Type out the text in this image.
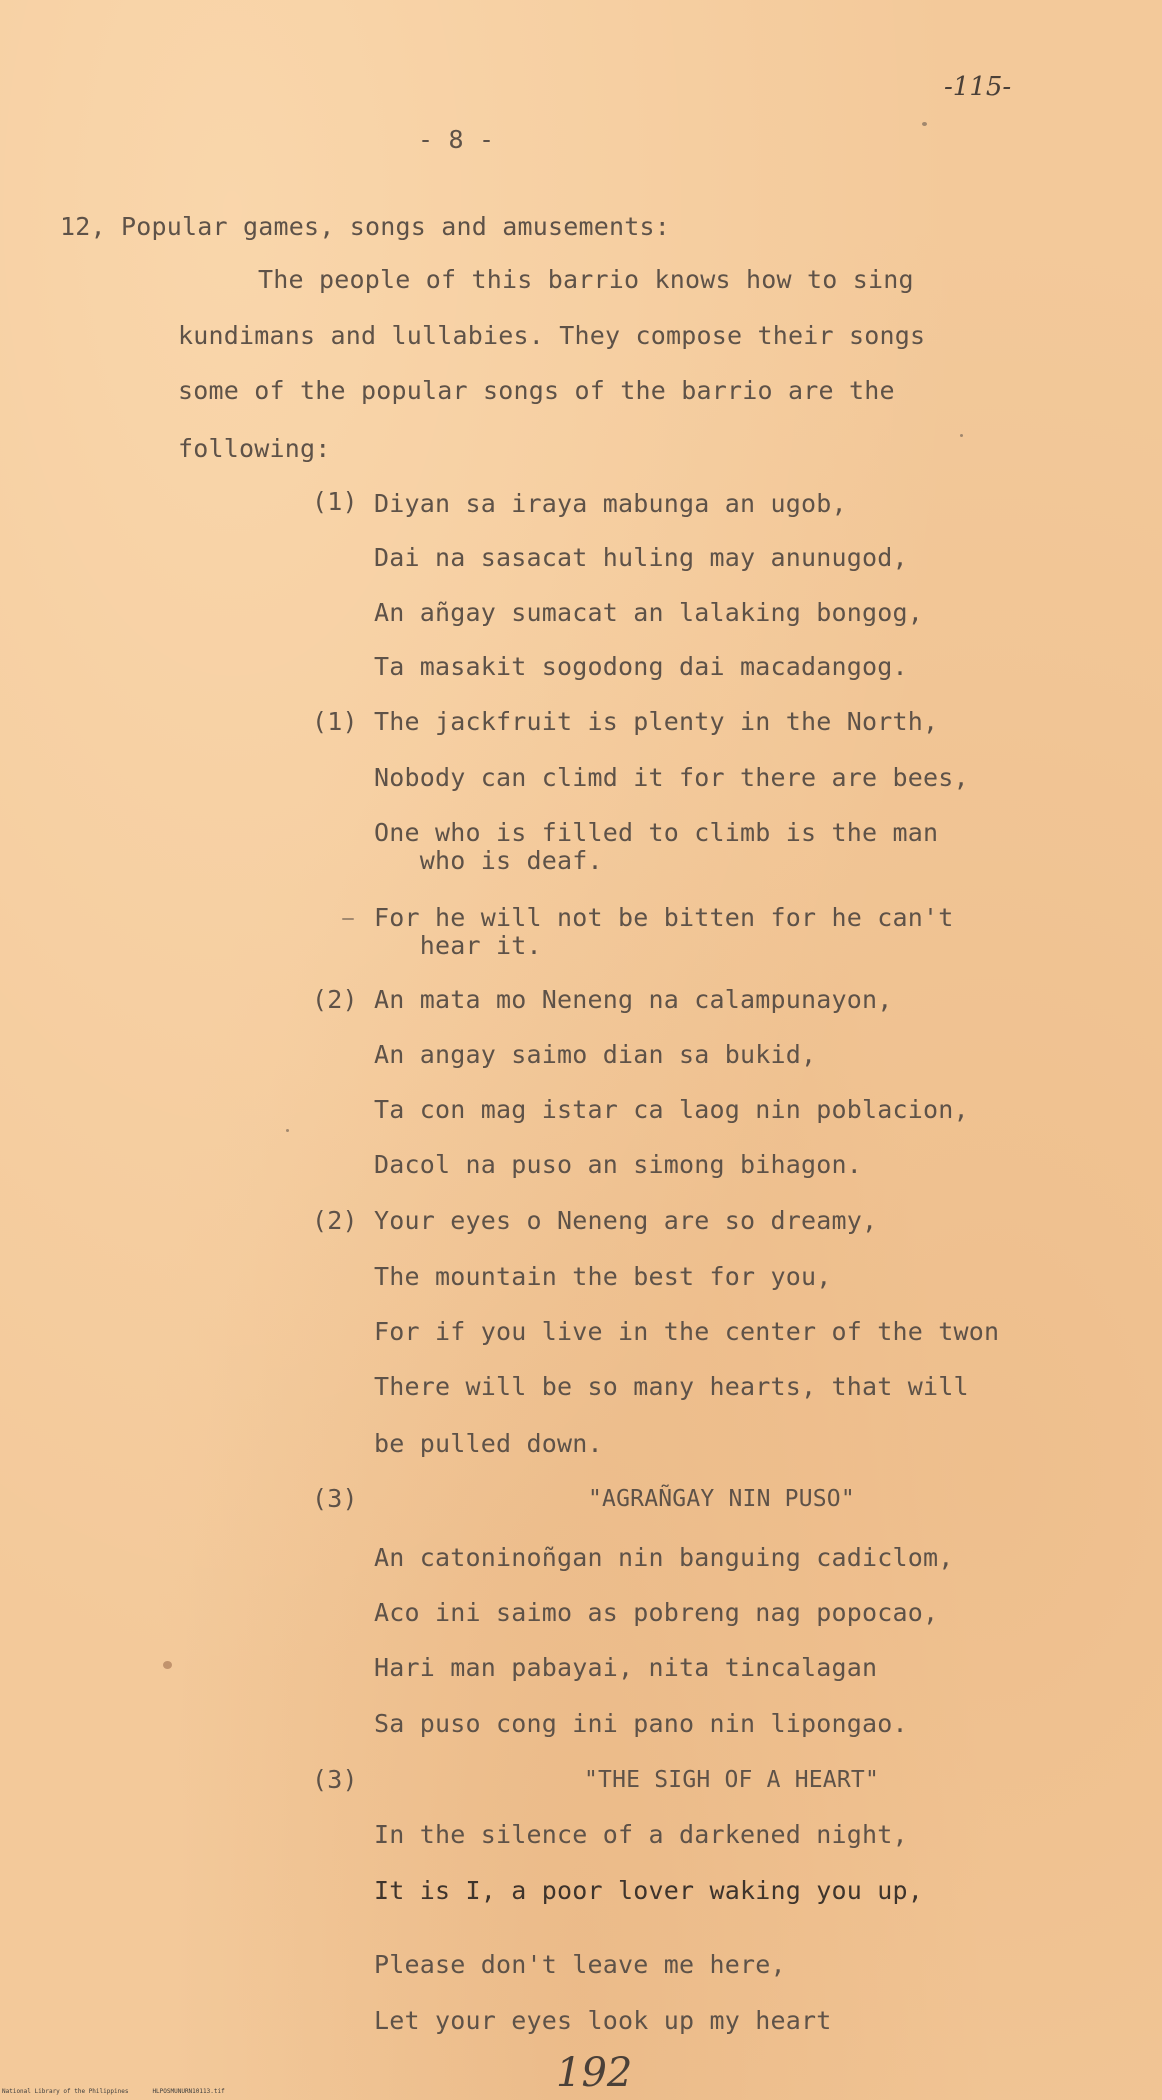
-115-
- 8 -
12, Popular games, songs and amusements:
The people of this barrio knows how to sing
kundimans and lullabies. They compose their songs
some of the popular songs of the barrio are the
following:
(1) Diyan sa iraya mabunga an ugob,
Dai na sasacat huling may anunugod,
An añgay sumacat an lalaking bongog,
Ta masakit sogodong dai macadangog.
(1) The jackfruit is plenty in the North,
Nobody can climd it for there are bees,
One who is filled to climb is the man
who is deaf.
For he will not be bitten for he can't
hear it.
(2) An mata mo Neneng na calampunayon,
An angay saimo dian sa bukid,
Ta con mag istar ca laog nin poblacion,
Dacol na puso an simong bihagon.
(2) Your eyes o Neneng are so dreamy,
The mountain the best for you,
For if you live in the center of the twon
There will be so many hearts, that will
be pulled down.
(3)	"AGRAÑGAY NIN PUSO"
An catoninoñgan nin banguing cadiclom,
Aco ini saimo as pobreng nag popocao,
Hari man pabayai, nita tincalagan
Sa puso cong ini pano nin lipongao.
(3)	"THE SIGH OF A HEART"
In the silence of a darkened night,
It is I, a poor lover waking you up,
Please don't leave me here,
Let your eyes look up my heart
192
National Library of the Philippines	HLPOSMUNURN10113.tif
